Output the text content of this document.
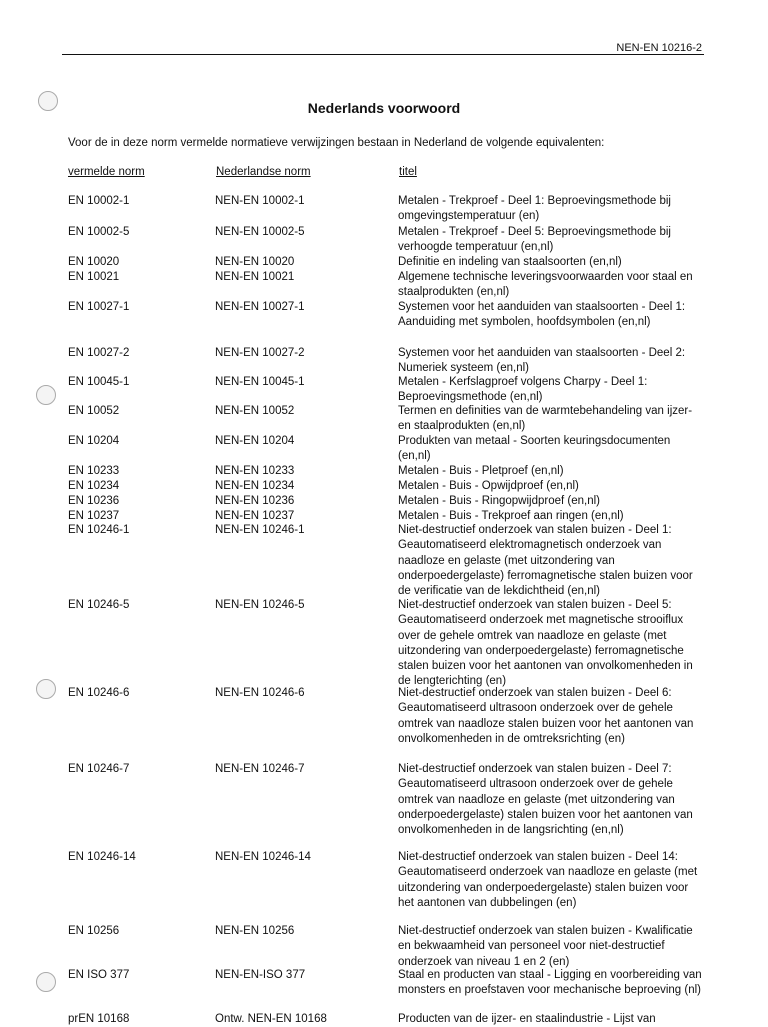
NEN-EN 10216-2
Nederlands voorwoord
Voor de in deze norm vermelde normatieve verwijzingen bestaan in Nederland de volgende equivalenten:
vermelde norm	Nederlandse norm	titel
EN 10002-1	NEN-EN 10002-1	Metalen - Trekproef - Deel 1: Beproevingsmethode bij omgevingstemperatuur (en)
EN 10002-5	NEN-EN 10002-5	Metalen - Trekproef - Deel 5: Beproevingsmethode bij verhoogde temperatuur (en,nl)
EN 10020	NEN-EN 10020	Definitie en indeling van staalsoorten (en,nl)
EN 10021	NEN-EN 10021	Algemene technische leveringsvoorwaarden voor staal en staalprodukten (en,nl)
EN 10027-1	NEN-EN 10027-1	Systemen voor het aanduiden van staalsoorten - Deel 1: Aanduiding met symbolen, hoofdsymbolen (en,nl)
EN 10027-2	NEN-EN 10027-2	Systemen voor het aanduiden van staalsoorten - Deel 2: Numeriek systeem (en,nl)
EN 10045-1	NEN-EN 10045-1	Metalen - Kerfslagproef volgens Charpy - Deel 1: Beproevingsmethode (en,nl)
EN 10052	NEN-EN 10052	Termen en definities van de warmtebehandeling van ijzer- en staalprodukten (en,nl)
EN 10204	NEN-EN 10204	Produkten van metaal - Soorten keuringsdocumenten (en,nl)
EN 10233	NEN-EN 10233	Metalen - Buis - Pletproef (en,nl)
EN 10234	NEN-EN 10234	Metalen - Buis - Opwijdproef (en,nl)
EN 10236	NEN-EN 10236	Metalen - Buis - Ringopwijdproef (en,nl)
EN 10237	NEN-EN 10237	Metalen - Buis - Trekproef aan ringen (en,nl)
EN 10246-1	NEN-EN 10246-1	Niet-destructief onderzoek van stalen buizen - Deel 1: Geautomatiseerd elektromagnetisch onderzoek van naadloze en gelaste (met uitzondering van onderpoedergelaste) ferromagnetische stalen buizen voor de verificatie van de lekdichtheid (en,nl)
EN 10246-5	NEN-EN 10246-5	Niet-destructief onderzoek van stalen buizen - Deel 5: Geautomatiseerd onderzoek met magnetische strooiflux over de gehele omtrek van naadloze en gelaste (met uitzondering van onderpoedergelaste) ferromagnetische stalen buizen voor het aantonen van onvolkomenheden in de lengterichting (en)
EN 10246-6	NEN-EN 10246-6	Niet-destructief onderzoek van stalen buizen - Deel 6: Geautomatiseerd ultrasoon onderzoek over de gehele omtrek van naadloze stalen buizen voor het aantonen van onvolkomenheden in de omtreksrichting (en)
EN 10246-7	NEN-EN 10246-7	Niet-destructief onderzoek van stalen buizen - Deel 7: Geautomatiseerd ultrasoon onderzoek over de gehele omtrek van naadloze en gelaste (met uitzondering van onderpoedergelaste) stalen buizen voor het aantonen van onvolkomenheden in de langsrichting (en,nl)
EN 10246-14	NEN-EN 10246-14	Niet-destructief onderzoek van stalen buizen - Deel 14: Geautomatiseerd onderzoek van naadloze en gelaste (met uitzondering van onderpoedergelaste) stalen buizen voor het aantonen van dubbelingen (en)
EN 10256	NEN-EN 10256	Niet-destructief onderzoek van stalen buizen - Kwalificatie en bekwaamheid van personeel voor niet-destructief onderzoek van niveau 1 en 2 (en)
EN ISO 377	NEN-EN-ISO 377	Staal en producten van staal - Ligging en voorbereiding van monsters en proefstaven voor mechanische beproeving (nl)
prEN 10168	Ontw. NEN-EN 10168	Producten van de ijzer- en staalindustrie - Lijst van
